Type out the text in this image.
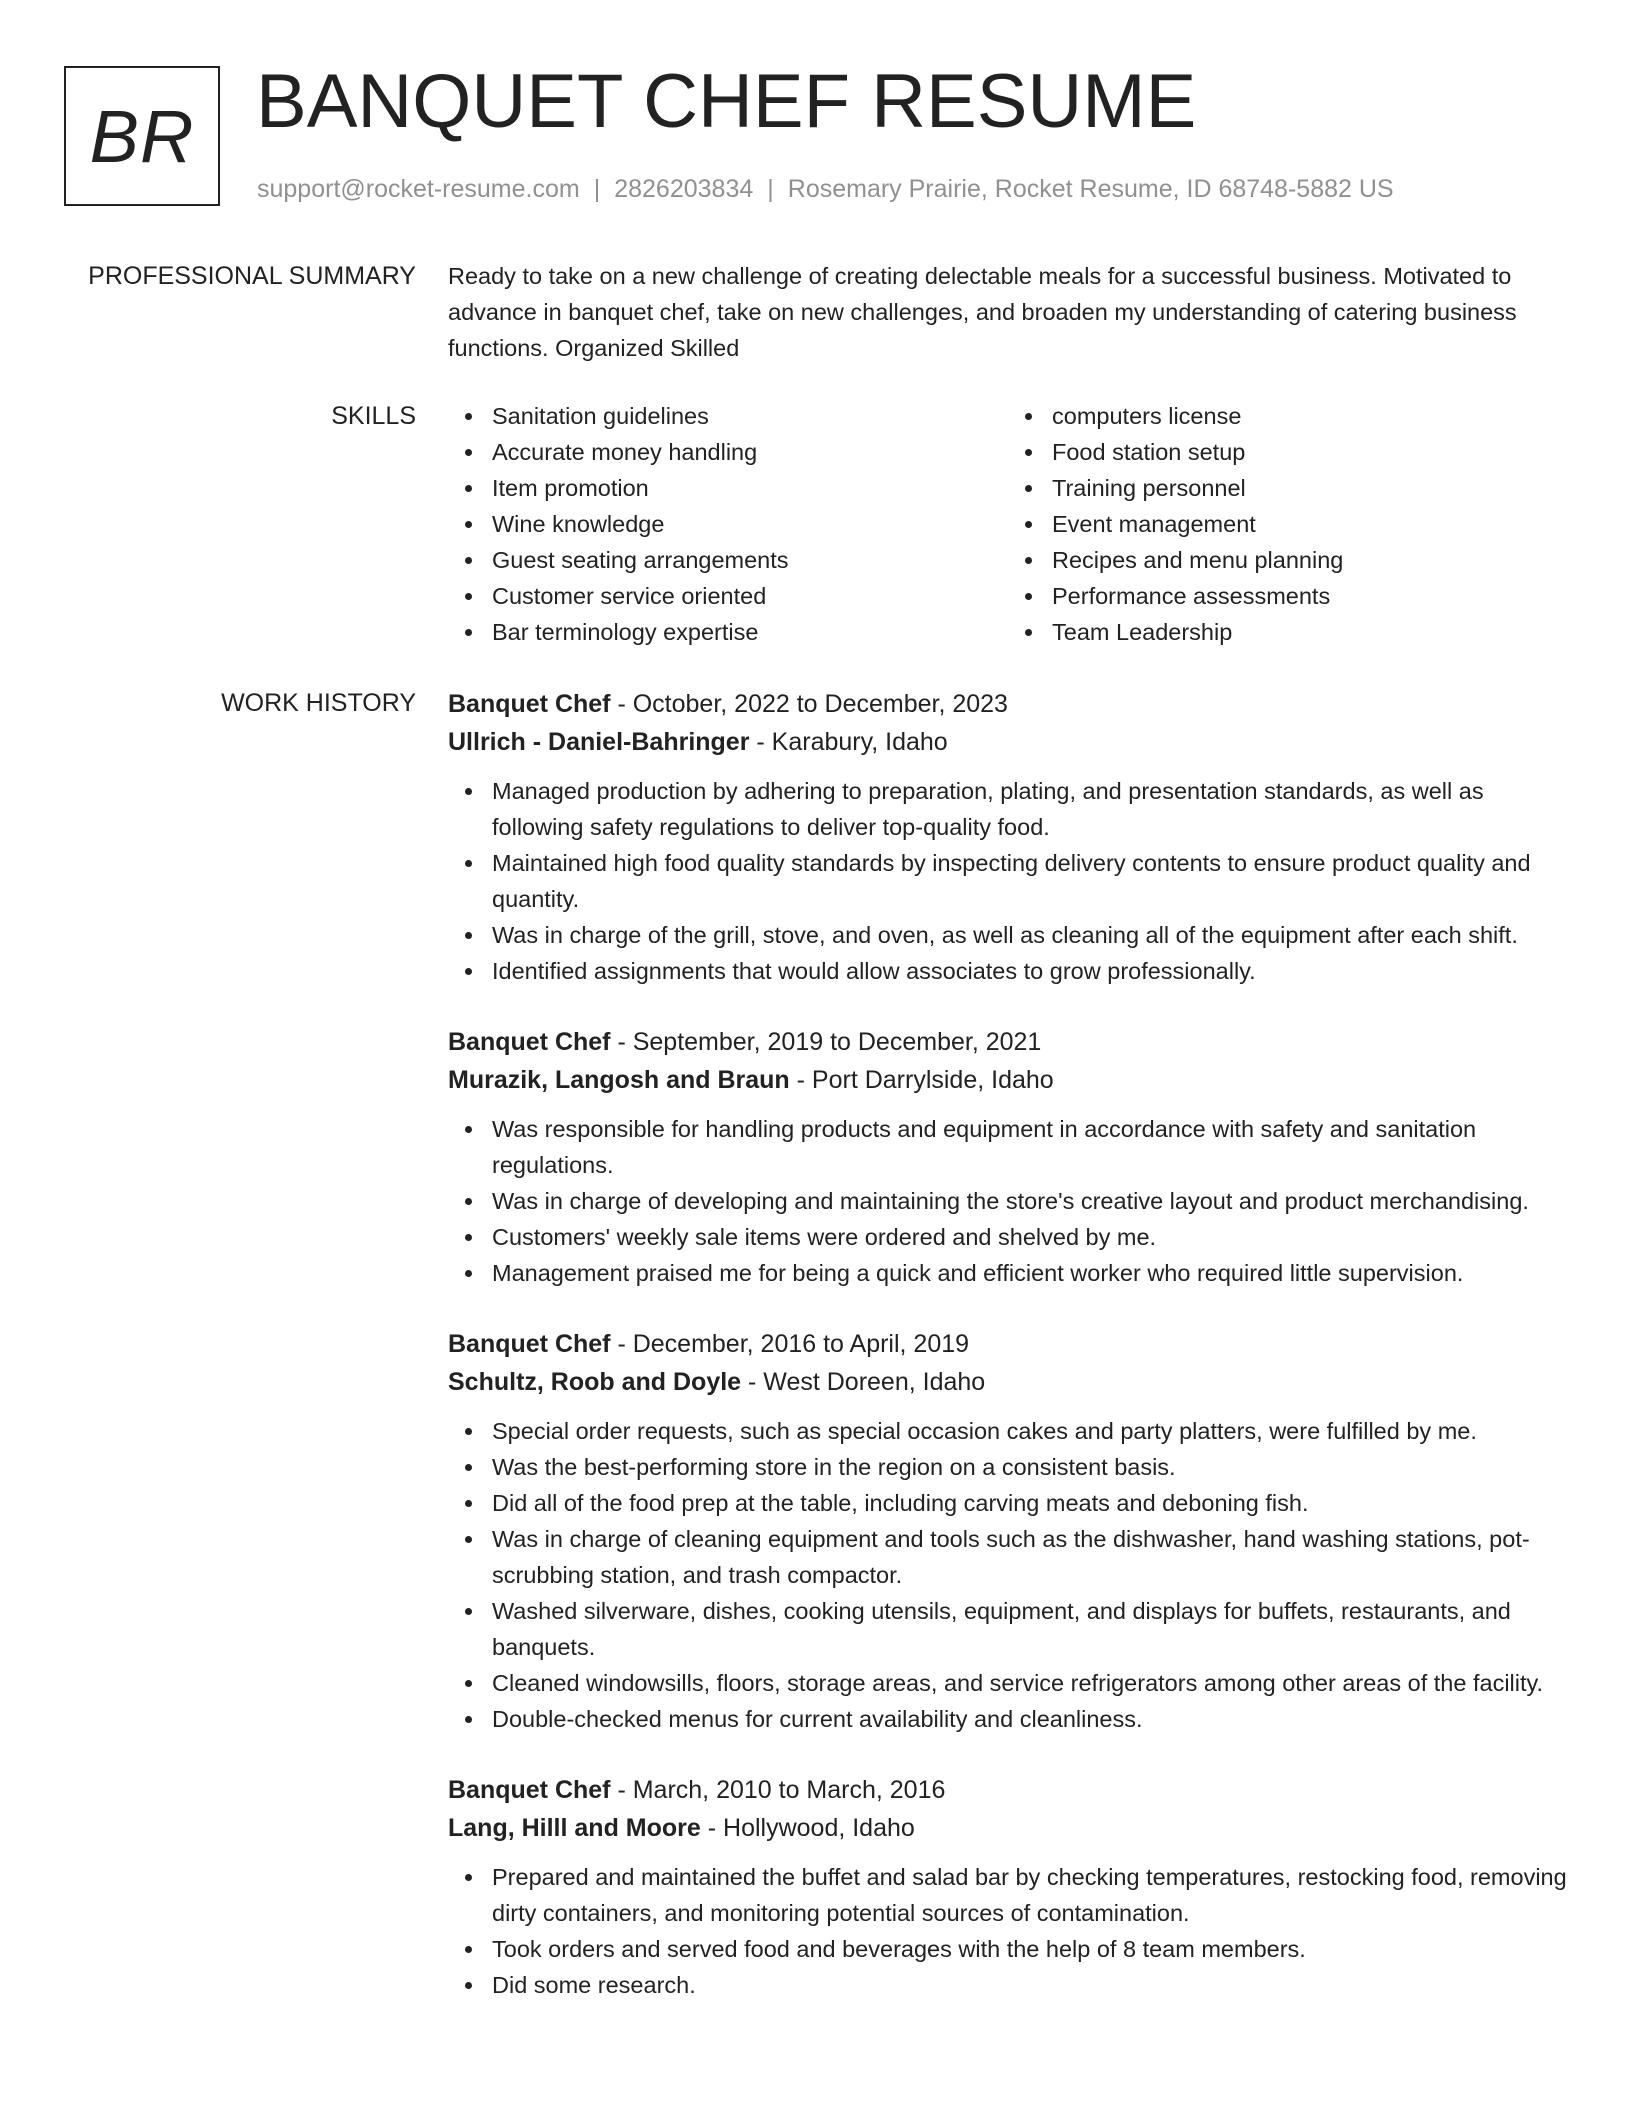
BR BANQUET CHEF RESUME
support@rocket-resume.com | 2826203834 | Rosemary Prairie, Rocket Resume, ID 68748-5882 US
PROFESSIONAL SUMMARY Ready to take on a new challenge of creating delectable meals for a successful business. Motivated to advance in banquet chef, take on new challenges, and broaden my understanding of catering business functions. Organized Skilled

SKILLS	Sanitation guidelines
Accurate money handling
Item promotion
Wine knowledge
Guest seating arrangements
Customer service oriented
Bar terminology expertise
computers license
Food station setup
Training personnel
Event management
Recipes and menu planning
Performance assessments
Team Leadership
WORK HISTORY Banquet Chef - October, 2022 to December, 2023
Ullrich - Daniel-Bahringer - Karabury, Idaho
Managed production by adhering to preparation, plating, and presentation standards, as well as following safety regulations to deliver top-quality food.
Maintained high food quality standards by inspecting delivery contents to ensure product quality and quantity.
Was in charge of the grill, stove, and oven, as well as cleaning all of the equipment after each shift.
Identified assignments that would allow associates to grow professionally.
Banquet Chef - September, 2019 to December, 2021
Murazik, Langosh and Braun - Port Darrylside, Idaho
Was responsible for handling products and equipment in accordance with safety and sanitation regulations.
Was in charge of developing and maintaining the store's creative layout and product merchandising.
Customers' weekly sale items were ordered and shelved by me.
Management praised me for being a quick and efficient worker who required little supervision.
Banquet Chef - December, 2016 to April, 2019
Schultz, Roob and Doyle - West Doreen, Idaho
Special order requests, such as special occasion cakes and party platters, were fulfilled by me.
Was the best-performing store in the region on a consistent basis.
Did all of the food prep at the table, including carving meats and deboning fish.
Was in charge of cleaning equipment and tools such as the dishwasher, hand washing stations, pot-scrubbing station, and trash compactor.
Washed silverware, dishes, cooking utensils, equipment, and displays for buffets, restaurants, and banquets.
Cleaned windowsills, floors, storage areas, and service refrigerators among other areas of the facility.
Double-checked menus for current availability and cleanliness.
Banquet Chef - March, 2010 to March, 2016
Lang, Hilll and Moore - Hollywood, Idaho
Prepared and maintained the buffet and salad bar by checking temperatures, restocking food, removing dirty containers, and monitoring potential sources of contamination.
Took orders and served food and beverages with the help of 8 team members.
Did some research.
